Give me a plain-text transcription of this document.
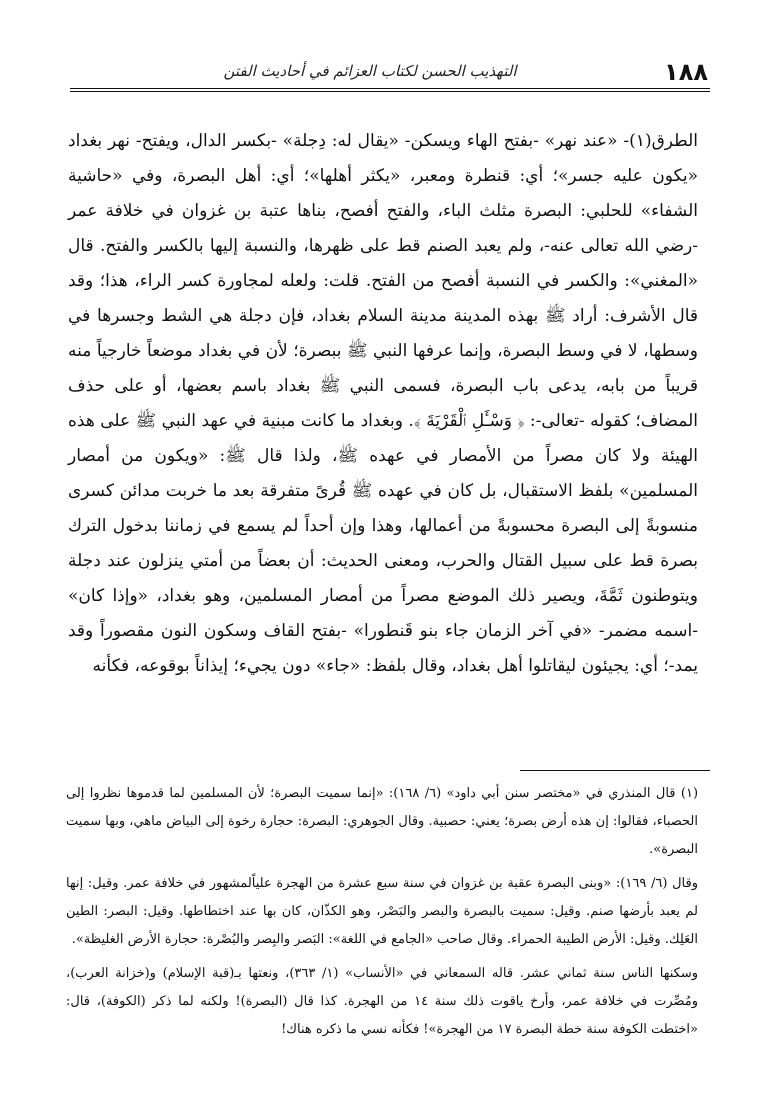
١٨٨
التهذيب الحسن لكتاب العزائم في أحاديث الفتن

الطرق(١)- «عند نهر» -بفتح الهاء ويسكن- «يقال له: دِجلة» -بكسر الدال، ويفتح- نهر بغداد «يكون عليه جسر»؛ أي: قنطرة ومعبر، «يكثر أهلها»؛ أي: أهل البصرة، وفي «حاشية الشفاء» للحلبي: البصرة مثلث الباء، والفتح أفصح، بناها عتبة بن غزوان في خلافة عمر -رضي الله تعالى عنه-، ولم يعبد الصنم قط على ظهرها، والنسبة إليها بالكسر والفتح. قال «المغني»: والكسر في النسبة أفصح من الفتح. قلت: ولعله لمجاورة كسر الراء، هذا؛ وقد قال الأشرف: أراد ﷺ بهذه المدينة مدينة السلام بغداد، فإن دجلة هي الشط وجسرها في وسطها، لا في وسط البصرة، وإنما عرفها النبي ﷺ ببصرة؛ لأن في بغداد موضعاً خارجياً منه قريباً من بابه، يدعى باب البصرة، فسمى النبي ﷺ بغداد باسم بعضها، أو على حذف المضاف؛ كقوله -تعالى-: ﴿ وَسْـَٔلِ ٱلْقَرْيَةَ ﴾. وبغداد ما كانت مبنية في عهد النبي ﷺ على هذه الهيئة ولا كان مصراً من الأمصار في عهده ﷺ، ولذا قال ﷺ: «ويكون من أمصار المسلمين» بلفظ الاستقبال، بل كان في عهده ﷺ قُرىً متفرقة بعد ما خربت مدائن كسرى منسوبةً إلى البصرة محسوبةً من أعمالها، وهذا وإن أحداً لم يسمع في زماننا بدخول الترك بصرة قط على سبيل القتال والحرب، ومعنى الحديث: أن بعضاً من أمتي ينزلون عند دجلة ويتوطنون ثَمَّةَ، ويصير ذلك الموضع مصراً من أمصار المسلمين، وهو بغداد، «وإذا كان» -اسمه مضمر- «في آخر الزمان جاء بنو قَنطورا» -بفتح القاف وسكون النون مقصوراً وقد يمد-؛ أي: يجيئون ليقاتلوا أهل بغداد، وقال بلفظ: «جاء» دون يجيء؛ إيذاناً بوقوعه، فكأنه

(١) قال المنذري في «مختصر سنن أبي داود» (٦/ ١٦٨): «إنما سميت البصرة؛ لأن المسلمين لما قدموها نظروا إلى الحصباء، فقالوا: إن هذه أرض بصرة؛ يعني: حصبية. وقال الجوهري: البصرة: حجارة رخوة إلى البياض ماهي، وبها سميت البصرة».

وقال (٦/ ١٦٩): «وبنى البصرة عقبة بن غزوان في سنة سبع عشرة من الهجرة علياًلمشهور في خلافة عمر. وقيل: إنها لم يعبد بأرضها صنم. وقيل: سميت بالبصرة والبصر والبَصْر، وهو الكذّان، كان بها عند اختطاطها. وقيل: البصر: الطين العَلِك. وقيل: الأرض الطيبة الحمراء. وقال صاحب «الجامع في اللغة»: البَصر والبِصر والبُصْرة: حجارة الأرض الغليظة».

وسكنها الناس سنة ثماني عشر. قاله السمعاني في «الأنساب» (١/ ٣٦٣)، ونعتها بـ(قبة الإسلام) و(خزانة العرب)، ومُصِّرت في خلافة عمر، وأرخ ياقوت ذلك سنة ١٤ من الهجرة. كذا قال (البصرة)! ولكنه لما ذكر (الكوفة)، قال: «اختطت الكوفة سنة خطة البصرة ١٧ من الهجرة»! فكأنه نسي ما ذكره هناك!
